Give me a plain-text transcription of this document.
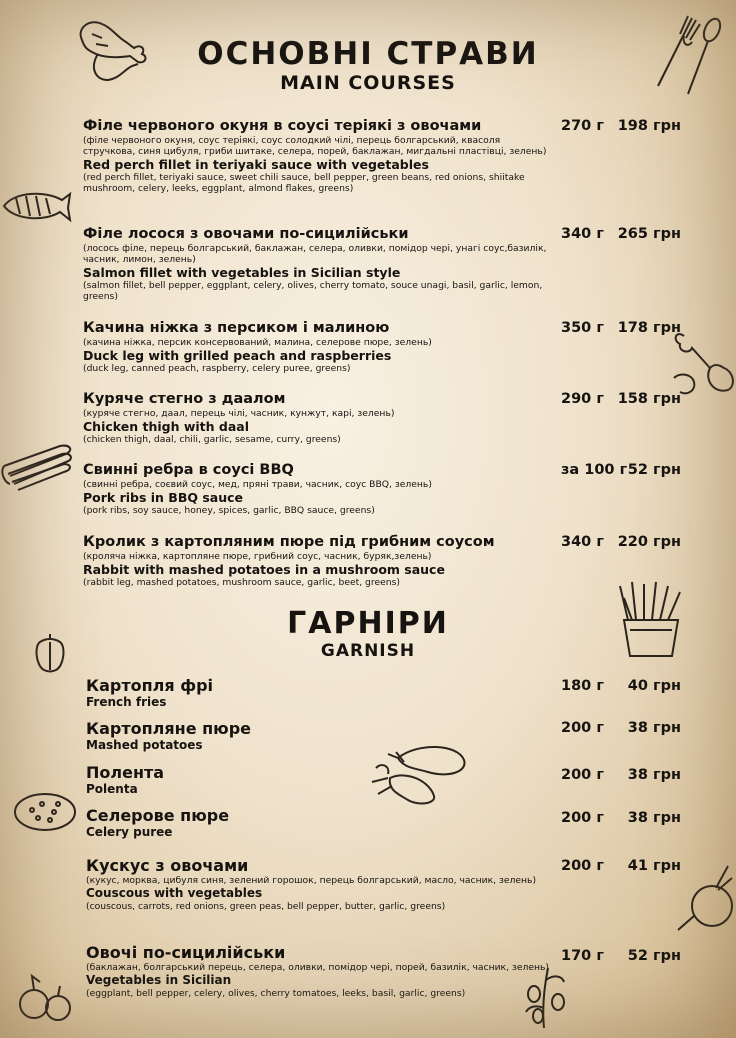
ОСНОВНІ СТРАВИ
MAIN COURSES
Філе червоного окуня в соусі теріякі з овочами
(філе червоного окуня, соус теріякі, соус солодкий чілі, перець болгарський, квасоля стручкова, синя цибуля, гриби шитаке, селера, порей, баклажан, мигдальні пластівці, зелень)
Red perch fillet in teriyaki sauce with vegetables
(red perch fillet, teriyaki sauce, sweet chili sauce, bell pepper, green beans, red onions, shiitake mushroom, celery, leeks, eggplant, almond flakes, greens)
270 г 198 грн
Філе лосося з овочами по-сицилійськи
(лосось філе, перець болгарський, баклажан, селера, оливки, помідор чері, унагі соус,базилік, часник, лимон, зелень)
Salmon fillet with vegetables in Sicilian style
(salmon fillet, bell pepper, eggplant, celery, olives, cherry tomato, souce unagi, basil, garlic, lemon, greens)
340 г 265 грн
Качина ніжка з персиком і малиною
(качина ніжка, персик консервований, малина, селерове пюре, зелень)
Duck leg with grilled peach and raspberries
(duck leg, canned peach, raspberry, celery puree, greens)
350 г 178 грн
Куряче стегно з даалом
(куряче стегно, даал, перець чілі, часник, кунжут, карі, зелень)
Chicken thigh with daal
(chicken thigh, daal, chili, garlic, sesame, curry, greens)
290 г 158 грн
Свинні ребра в соусі BBQ
(свинні ребра, соєвий соус, мед, пряні трави, часник, соус BBQ, зелень)
Pork ribs in BBQ sauce
(pork ribs, soy sauce, honey, spices, garlic, BBQ sauce, greens)
за 100 г 52 грн
Кролик з картопляним пюре під грибним соусом
(кроляча ніжка, картопляне пюре, грибний соус, часник, буряк,зелень)
Rabbit with mashed potatoes in a mushroom sauce
(rabbit leg, mashed potatoes, mushroom sauce, garlic, beet, greens)
340 г 220 грн
ГАРНІРИ
GARNISH
Картопля фрі
French fries
180 г 40 грн
Картопляне пюре
Mashed potatoes
200 г 38 грн
Полента
Polenta
200 г 38 грн
Селерове пюре
Celery puree
200 г 38 грн
Кускус з овочами
(кукус, морква, цибуля синя, зелений горошок, перець болгарський, масло, часник, зелень)
Couscous with vegetables
(couscous, carrots, red onions, green peas, bell pepper, butter, garlic, greens)
200 г 41 грн
Овочі по-сицилійськи
(баклажан, болгарський перець, селера, оливки, помідор чері, порей, базилік, часник, зелень)
Vegetables in Sicilian
(eggplant, bell pepper, celery, olives, cherry tomatoes, leeks, basil, garlic, greens)
170 г 52 грн
